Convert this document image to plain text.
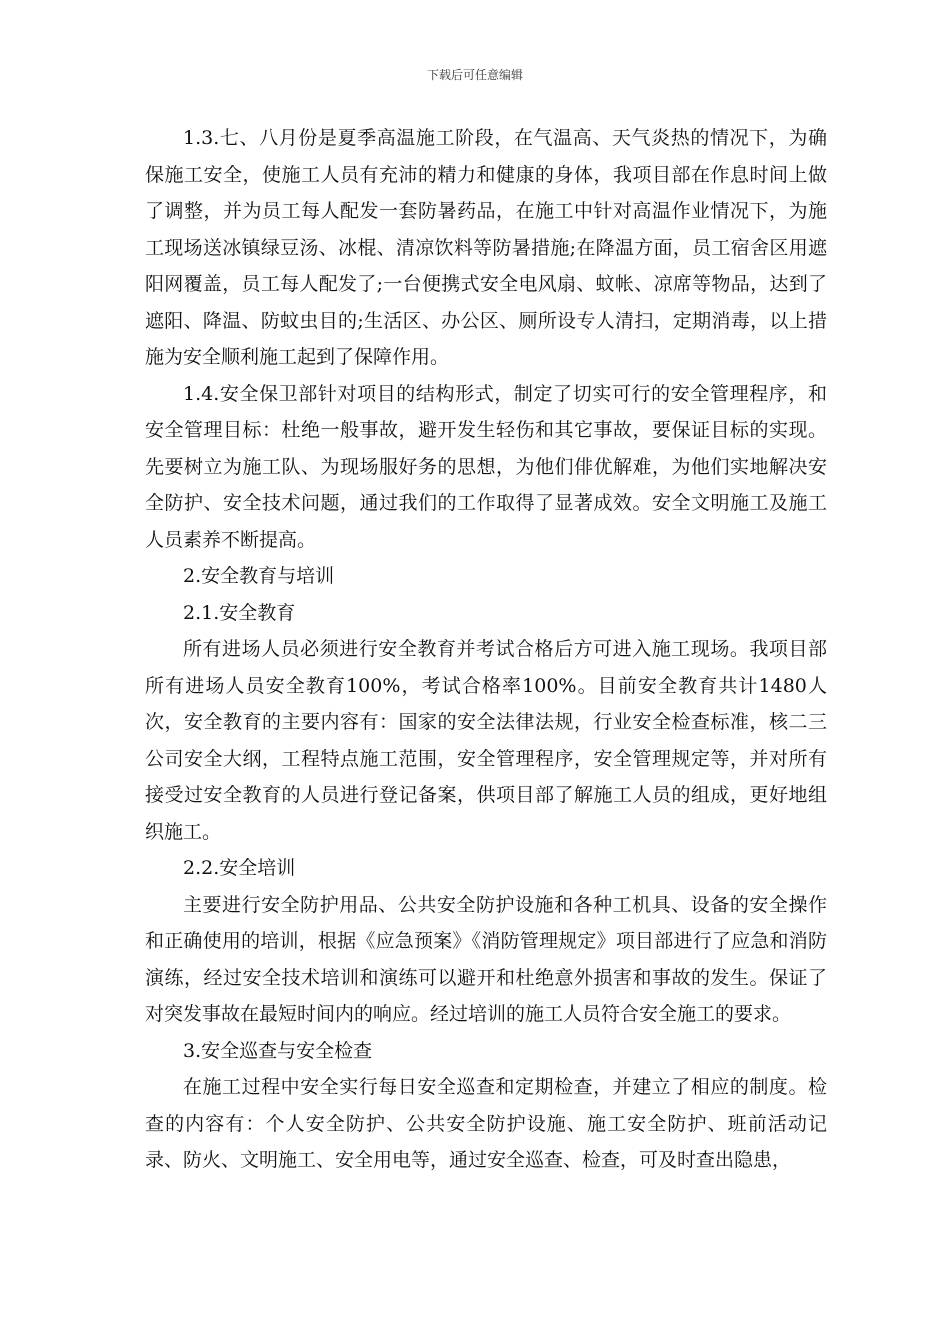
下载后可任意编辑

1.3.七、八月份是夏季高温施工阶段，在气温高、天气炎热的情况下，为确保施工安全，使施工人员有充沛的精力和健康的身体，我项目部在作息时间上做了调整，并为员工每人配发一套防暑药品，在施工中针对高温作业情况下，为施工现场送冰镇绿豆汤、冰棍、清凉饮料等防暑措施;在降温方面，员工宿舍区用遮阳网覆盖，员工每人配发了;一台便携式安全电风扇、蚊帐、凉席等物品，达到了遮阳、降温、防蚊虫目的;生活区、办公区、厕所设专人清扫，定期消毒，以上措施为安全顺利施工起到了保障作用。

1.4.安全保卫部针对项目的结构形式，制定了切实可行的安全管理程序，和安全管理目标：杜绝一般事故，避开发生轻伤和其它事故，要保证目标的实现。先要树立为施工队、为现场服好务的思想，为他们俳优解难，为他们实地解决安全防护、安全技术问题，通过我们的工作取得了显著成效。安全文明施工及施工人员素养不断提高。

2.安全教育与培训

2.1.安全教育

所有进场人员必须进行安全教育并考试合格后方可进入施工现场。我项目部所有进场人员安全教育100%，考试合格率100%。目前安全教育共计1480人次，安全教育的主要内容有：国家的安全法律法规，行业安全检查标准，核二三公司安全大纲，工程特点施工范围，安全管理程序，安全管理规定等，并对所有接受过安全教育的人员进行登记备案，供项目部了解施工人员的组成，更好地组织施工。

2.2.安全培训

主要进行安全防护用品、公共安全防护设施和各种工机具、设备的安全操作和正确使用的培训，根据《应急预案》《消防管理规定》项目部进行了应急和消防演练，经过安全技术培训和演练可以避开和杜绝意外损害和事故的发生。保证了对突发事故在最短时间内的响应。经过培训的施工人员符合安全施工的要求。

3.安全巡查与安全检查

在施工过程中安全实行每日安全巡查和定期检查，并建立了相应的制度。检查的内容有：个人安全防护、公共安全防护设施、施工安全防护、班前活动记录、防火、文明施工、安全用电等，通过安全巡查、检查，可及时查出隐患，
